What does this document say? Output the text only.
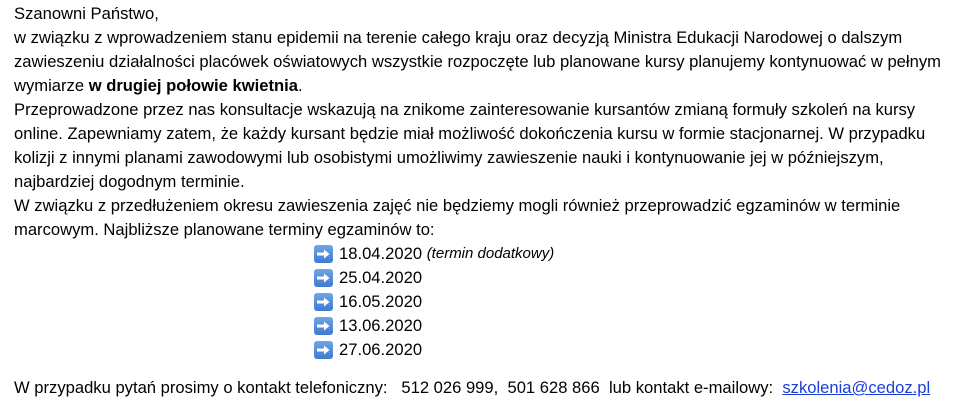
Szanowni Państwo,
w związku z wprowadzeniem stanu epidemii na terenie całego kraju oraz decyzją Ministra Edukacji Narodowej o dalszym
zawieszeniu działalności placówek oświatowych wszystkie rozpoczęte lub planowane kursy planujemy kontynuować w pełnym
wymiarze w drugiej połowie kwietnia.
Przeprowadzone przez nas konsultacje wskazują na znikome zainteresowanie kursantów zmianą formuły szkoleń na kursy
online. Zapewniamy zatem, że każdy kursant będzie miał możliwość dokończenia kursu w formie stacjonarnej. W przypadku
kolizji z innymi planami zawodowymi lub osobistymi umożliwimy zawieszenie nauki i kontynuowanie jej w późniejszym,
najbardziej dogodnym terminie.
W związku z przedłużeniem okresu zawieszenia zajęć nie będziemy mogli również przeprowadzić egzaminów w terminie
marcowym. Najbliższe planowane terminy egzaminów to:
18.04.2020
(termin dodatkowy)
25.04.2020
16.05.2020
13.06.2020
27.06.2020
W przypadku pytań prosimy o kontakt telefoniczny:   512 026 999,  501 628 866  lub kontakt e-mailowy:  szkolenia@cedoz.pl
